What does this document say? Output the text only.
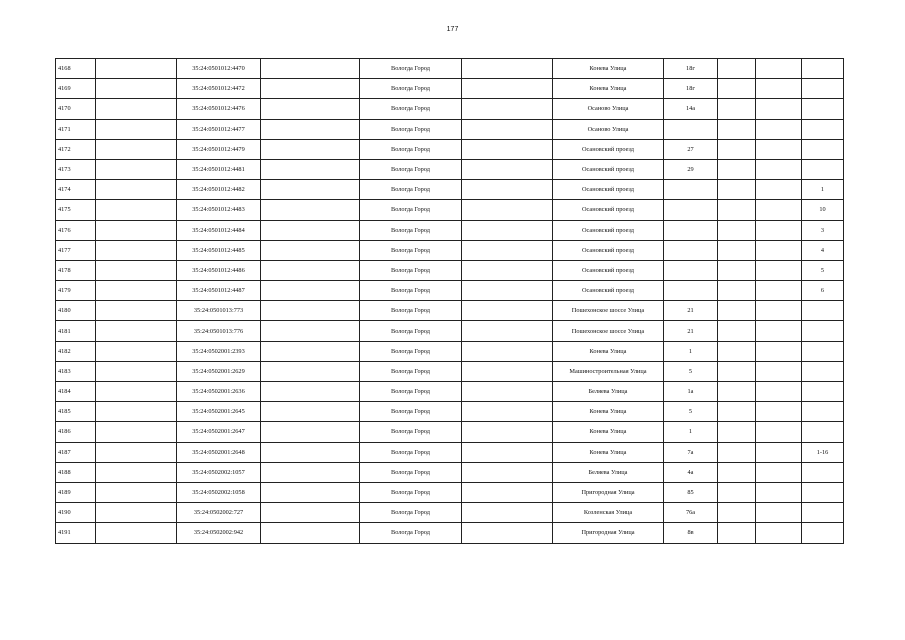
177
4168		35:24:0501012:4470		Вологда Город		Конева Улица	18г			
4169		35:24:0501012:4472		Вологда Город		Конева Улица	18г			
4170		35:24:0501012:4476		Вологда Город		Осаново Улица	14а			
4171		35:24:0501012:4477		Вологда Город		Осаново Улица				
4172		35:24:0501012:4479		Вологда Город		Осановский проезд	27			
4173		35:24:0501012:4481		Вологда Город		Осановский проезд	29			
4174		35:24:0501012:4482		Вологда Город		Осановский проезд				1
4175		35:24:0501012:4483		Вологда Город		Осановский проезд				10
4176		35:24:0501012:4484		Вологда Город		Осановский проезд				3
4177		35:24:0501012:4485		Вологда Город		Осановский проезд				4
4178		35:24:0501012:4486		Вологда Город		Осановский проезд				5
4179		35:24:0501012:4487		Вологда Город		Осановский проезд				6
4180		35:24:0501013:773		Вологда Город		Пошехонское шоссе Улица	21			
4181		35:24:0501013:776		Вологда Город		Пошехонское шоссе Улица	21			
4182		35:24:0502001:2393		Вологда Город		Конева Улица	1			
4183		35:24:0502001:2629		Вологда Город		Машиностроительная Улица	5			
4184		35:24:0502001:2636		Вологда Город		Беляева Улица	1а			
4185		35:24:0502001:2645		Вологда Город		Конева Улица	5			
4186		35:24:0502001:2647		Вологда Город		Конева Улица	1			
4187		35:24:0502001:2648		Вологда Город		Конева Улица	7а			1-16
4188		35:24:0502002:1057		Вологда Город		Беляева Улица	4а			
4189		35:24:0502002:1058		Вологда Город		Пригородная Улица	85			
4190		35:24:0502002:727		Вологда Город		Козленская Улица	76а			
4191		35:24:0502002:942		Вологда Город		Пригородная Улица	8в			
